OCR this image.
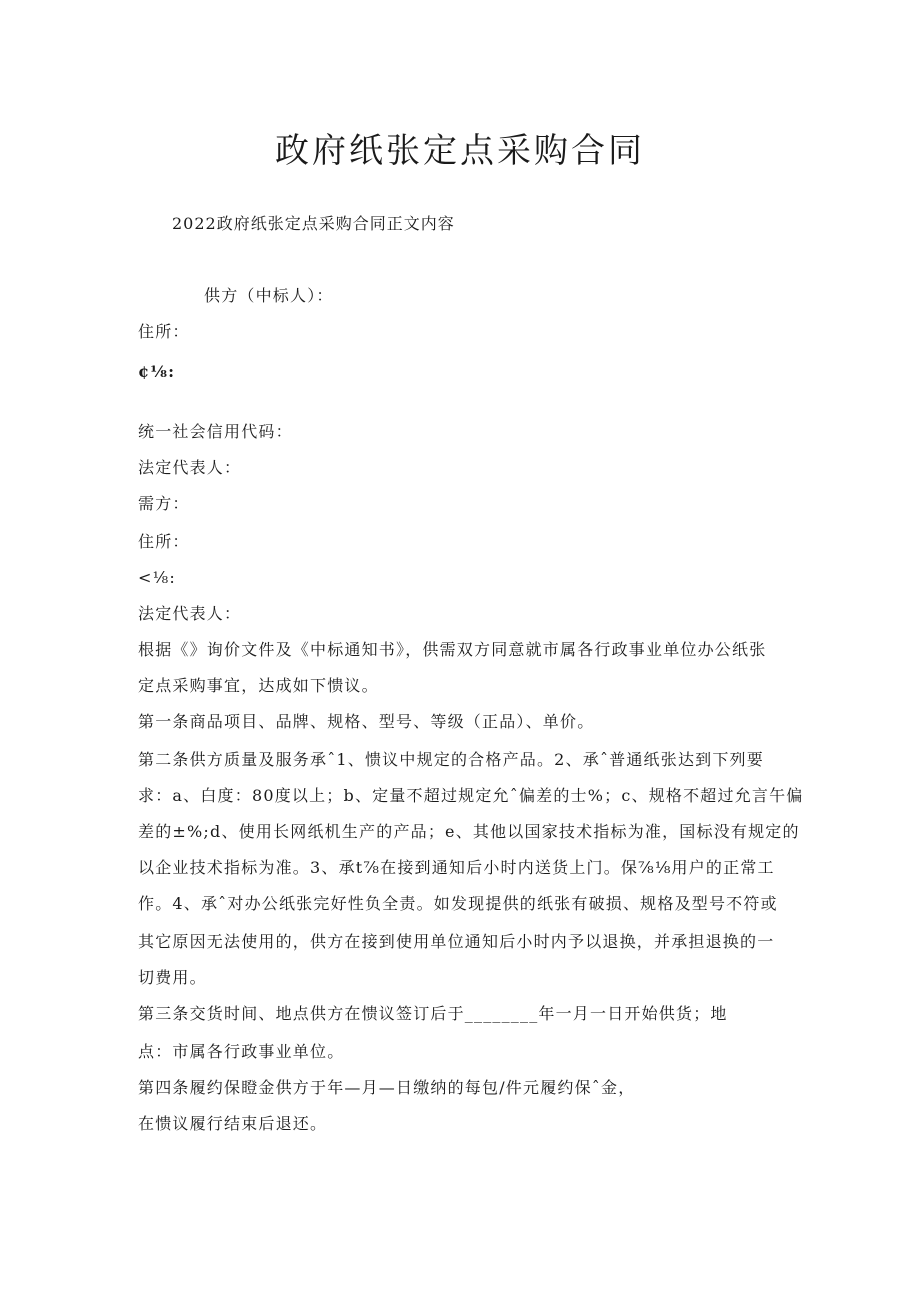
政府纸张定点采购合同
2022政府纸张定点采购合同正文内容
供方（中标人）：
住所：
¢⅛:
统一社会信用代码：
法定代表人：
需方：
住所：
<⅛:
法定代表人：
根据《》询价文件及《中标通知书》，供需双方同意就市属各行政事业单位办公纸张
定点采购事宜，达成如下愦议。
第一条商品项目、品牌、规格、型号、等级（正品）、单价。
第二条供方质量及服务承ˆ1、愦议中规定的合格产品。2、承ˆ普通纸张达到下列要
求：a、白度：80度以上；b、定量不超过规定允ˆ偏差的士%；c、规格不超过允言午偏
差的±%;d、使用长网纸机生产的产品；e、其他以国家技术指标为准，国标没有规定的
以企业技术指标为准。3、承t⅞在接到通知后小时内送货上门。保⅞⅛用户的正常工
作。4、承ˆ对办公纸张完好性负全责。如发现提供的纸张有破损、规格及型号不符或
其它原因无法使用的，供方在接到使用单位通知后小时内予以退换，并承担退换的一
切费用。
第三条交货时间、地点供方在愦议签订后于________年一月一日开始供货；地
点：市属各行政事业单位。
第四条履约保瞪金供方于年—月—日缴纳的每包/件元履约保ˆ金，
在愦议履行结束后退还。
